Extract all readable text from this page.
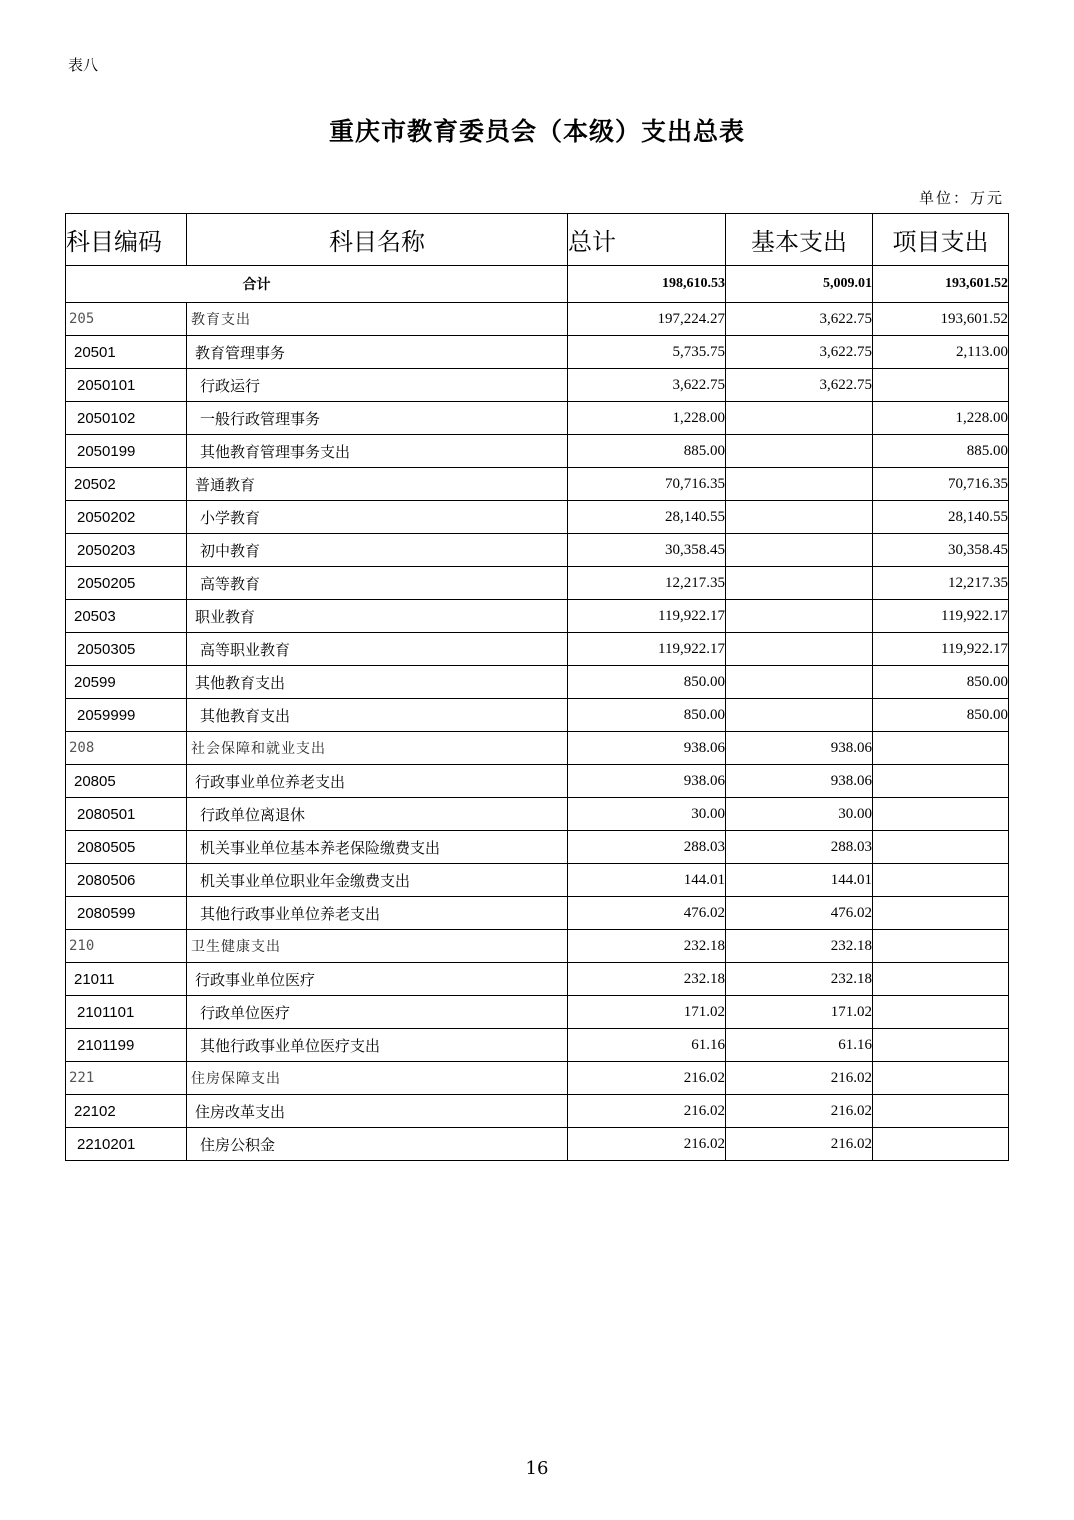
表八
重庆市教育委员会（本级）支出总表
单位：万元
科目编码	科目名称	总计	基本支出	项目支出
合计		198,610.53	5,009.01	193,601.52
205	教育支出	197,224.27	3,622.75	193,601.52
20501	教育管理事务	5,735.75	3,622.75	2,113.00
2050101	行政运行	3,622.75	3,622.75	
2050102	一般行政管理事务	1,228.00		1,228.00
2050199	其他教育管理事务支出	885.00		885.00
20502	普通教育	70,716.35		70,716.35
2050202	小学教育	28,140.55		28,140.55
2050203	初中教育	30,358.45		30,358.45
2050205	高等教育	12,217.35		12,217.35
20503	职业教育	119,922.17		119,922.17
2050305	高等职业教育	119,922.17		119,922.17
20599	其他教育支出	850.00		850.00
2059999	其他教育支出	850.00		850.00
208	社会保障和就业支出	938.06	938.06	
20805	行政事业单位养老支出	938.06	938.06	
2080501	行政单位离退休	30.00	30.00	
2080505	机关事业单位基本养老保险缴费支出	288.03	288.03	
2080506	机关事业单位职业年金缴费支出	144.01	144.01	
2080599	其他行政事业单位养老支出	476.02	476.02	
210	卫生健康支出	232.18	232.18	
21011	行政事业单位医疗	232.18	232.18	
2101101	行政单位医疗	171.02	171.02	
2101199	其他行政事业单位医疗支出	61.16	61.16	
221	住房保障支出	216.02	216.02	
22102	住房改革支出	216.02	216.02	
2210201	住房公积金	216.02	216.02	
16
